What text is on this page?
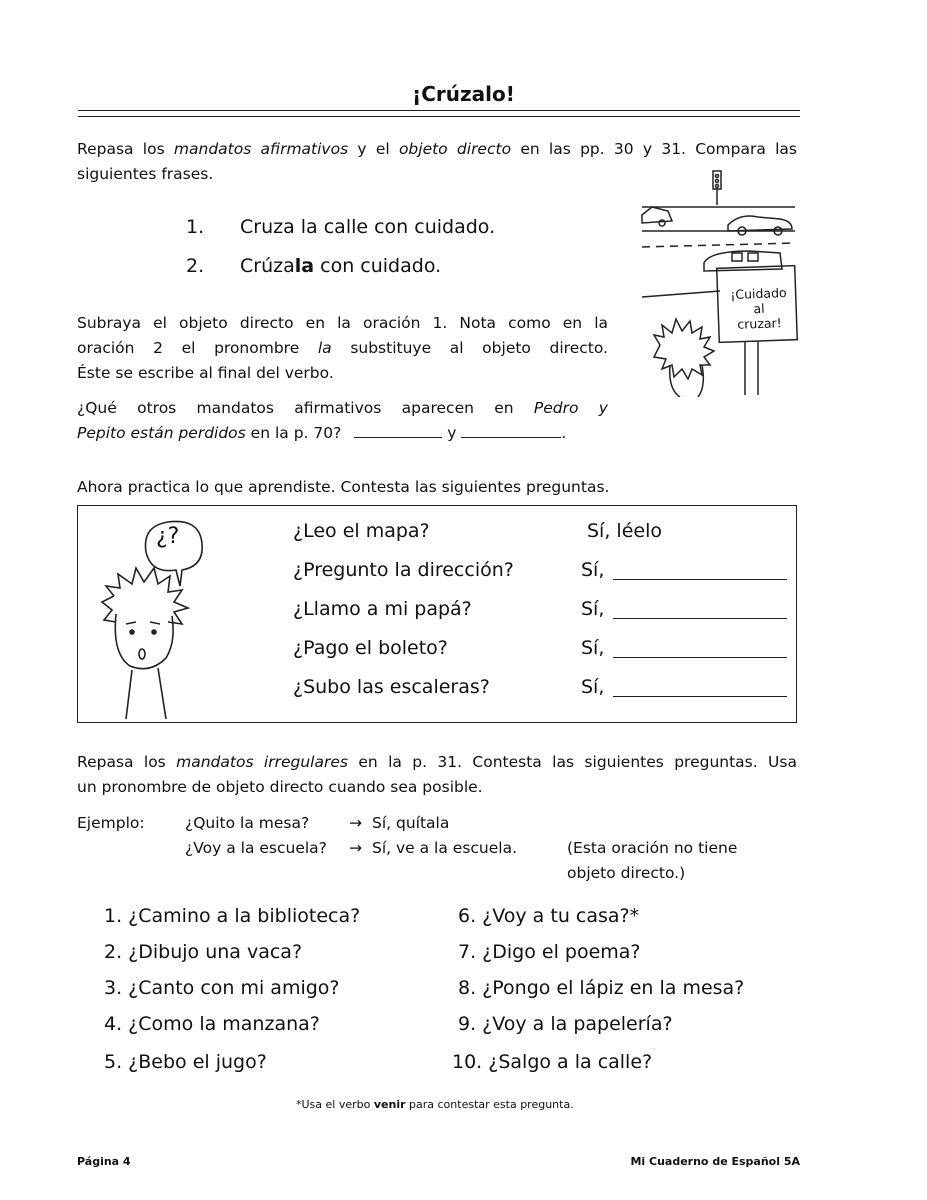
¡Crúzalo!
Repasa los mandatos afirmativos y el objeto directo en las pp. 30 y 31. Compara las
siguientes frases.
1. Cruza la calle con cuidado.
2. Crúzala con cuidado.
Subraya el objeto directo en la oración 1. Nota como en la
oración 2 el pronombre la substituye al objeto directo.
Éste se escribe al final del verbo.
¿Qué otros mandatos afirmativos aparecen en Pedro y
Pepito están perdidos en la p. 70?	y	.
¡Cuidado
al
cruzar!
Ahora practica lo que aprendiste. Contesta las siguientes preguntas.
¿?	¿Leo el mapa?	Sí, léelo
¿Pregunto la dirección?	Sí,
¿Llamo a mi papá?	Sí,
¿Pago el boleto?	Sí,
¿Subo las escaleras?	Sí,
Repasa los mandatos irregulares en la p. 31. Contesta las siguientes preguntas. Usa
un pronombre de objeto directo cuando sea posible.
Ejemplo:	¿Quito la mesa?	→ Sí, quítala
¿Voy a la escuela? → Sí, ve a la escuela.	(Esta oración no tiene
objeto directo.)
1. ¿Camino a la biblioteca?
2. ¿Dibujo una vaca?
3. ¿Canto con mi amigo?
4. ¿Como la manzana?
5. ¿Bebo el jugo?
6. ¿Voy a tu casa?*
7. ¿Digo el poema?
8. ¿Pongo el lápiz en la mesa?
9. ¿Voy a la papelería?
10. ¿Salgo a la calle?
*Usa el verbo venir para contestar esta pregunta.
Página 4	Mi Cuaderno de Español 5A
